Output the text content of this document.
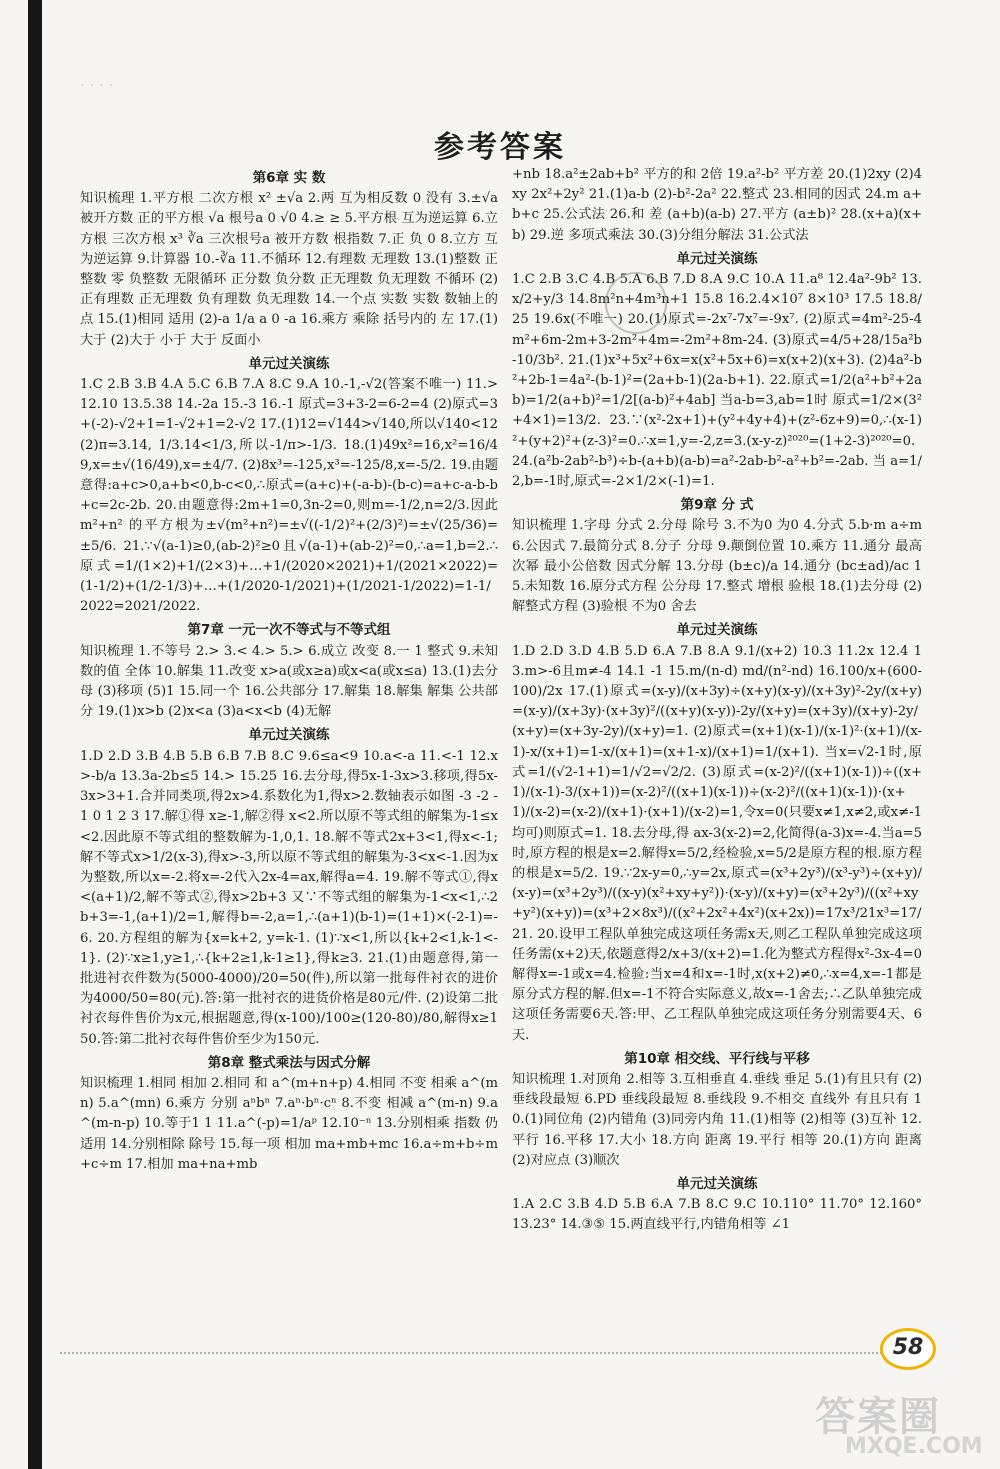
· · · ·
参考答案
第6章 实 数

知识梳理 1.平方根 二次方根 x² ±√a 2.两 互为相反数 0 没有 3.±√a 被开方数 正的平方根 √a 根号a 0 √0 4.≥ ≥ 5.平方根 互为逆运算 6.立方根 三次方根 x³ ∛a 三次根号a 被开方数 根指数 7.正 负 0 8.立方 互为逆运算 9.计算器 10.-∛a 11.不循环 12.有理数 无理数 13.(1)整数 正整数 零 负整数 无限循环 正分数 负分数 正无理数 负无理数 不循环 (2)正有理数 正无理数 负有理数 负无理数 14.一个点 实数 实数 数轴上的点 15.(1)相同 适用 (2)-a 1/a a 0 -a 16.乘方 乘除 括号内的 左 17.(1)大于 (2)大于 小于 大于 反面小

单元过关演练

1.C 2.B 3.B 4.A 5.C 6.B 7.A 8.C 9.A 10.-1,-√2(答案不唯一) 11.> 12.10 13.5.38 14.-2a 15.-3 16.-1 原式=3+3-2=6-2=4 (2)原式=3+(-2)-√2+1=1-√2+1=2-√2 17.(1)12=√144>√140,所以√140<12 (2)π=3.14, 1/3.14<1/3,所以-1/π>-1/3. 18.(1)49x²=16,x²=16/49,x=±√(16/49),x=±4/7. (2)8x³=-125,x³=-125/8,x=-5/2. 19.由题意得:a+c>0,a+b<0,b-c<0,∴原式=(a+c)+(-a-b)-(b-c)=a+c-a-b-b+c=2c-2b. 20.由题意得:2m+1=0,3n-2=0,则m=-1/2,n=2/3.因此 m²+n² 的平方根为±√(m²+n²)=±√((-1/2)²+(2/3)²)=±√(25/36)=±5/6. 21.∵√(a-1)≥0,(ab-2)²≥0且√(a-1)+(ab-2)²=0,∴a=1,b=2.∴原式=1/(1×2)+1/(2×3)+…+1/(2020×2021)+1/(2021×2022)=(1-1/2)+(1/2-1/3)+…+(1/2020-1/2021)+(1/2021-1/2022)=1-1/2022=2021/2022.

第7章 一元一次不等式与不等式组

知识梳理 1.不等号 2.> 3.< 4.> 5.> 6.成立 改变 8.一 1 整式 9.未知数的值 全体 10.解集 11.改变 x>a(或x≥a)或x<a(或x≤a) 13.(1)去分母 (3)移项 (5)1 15.同一个 16.公共部分 17.解集 18.解集 解集 公共部分 19.(1)x>b (2)x<a (3)a<x<b (4)无解

单元过关演练

1.D 2.D 3.B 4.B 5.B 6.B 7.B 8.C 9.6≤a<9 10.a<-a 11.<-1 12.x>-b/a 13.3a-2b≤5 14.> 15.25 16.去分母,得5x-1-3x>3.移项,得5x-3x>3+1.合并同类项,得2x>4.系数化为1,得x>2.数轴表示如图 -3 -2 -1 0 1 2 3 17.解①得 x≥-1,解②得 x<2.所以原不等式组的解集为-1≤x<2.因此原不等式组的整数解为-1,0,1. 18.解不等式2x+3<1,得x<-1;解不等式x>1/2(x-3),得x>-3,所以原不等式组的解集为-3<x<-1.因为x为整数,所以x=-2.将x=-2代入2x-4=ax,解得a=4. 19.解不等式①,得x<(a+1)/2,解不等式②,得x>2b+3 又∵不等式组的解集为-1<x<1,∴2b+3=-1,(a+1)/2=1,解得b=-2,a=1,∴(a+1)(b-1)=(1+1)×(-2-1)=-6. 20.方程组的解为{x=k+2, y=k-1. (1)∵x<1,所以{k+2<1,k-1<-1}. (2)∵x≥1,y≥1,∴{k+2≥1,k-1≥1},得k≥3. 21.(1)由题意得,第一批进衬衣件数为(5000-4000)/20=50(件),所以第一批每件衬衣的进价为4000/50=80(元).答:第一批衬衣的进货价格是80元/件. (2)设第二批衬衣每件售价为x元,根据题意,得(x-100)/100≥(120-80)/80,解得x≥150.答:第二批衬衣每件售价至少为150元.

第8章 整式乘法与因式分解

知识梳理 1.相同 相加 2.相同 和 a^(m+n+p) 4.相同 不变 相乘 a^(mn) 5.a^(mn) 6.乘方 分别 aⁿbⁿ 7.aⁿ·bⁿ·cⁿ 8.不变 相减 a^(m-n) 9.a^(m-n-p) 10.等于1 1 11.a^(-p)=1/aᵖ 12.10⁻ⁿ 13.分别相乘 指数 仍适用 14.分别相除 除号 15.每一项 相加 ma+mb+mc 16.a÷m+b÷m+c÷m 17.相加 ma+na+mb

+nb 18.a²±2ab+b² 平方的和 2倍 19.a²-b² 平方差 20.(1)2xy (2)4xy 2x²+2y² 21.(1)a-b (2)-b²-2a² 22.整式 23.相同的因式 24.m a+b+c 25.公式法 26.和 差 (a+b)(a-b) 27.平方 (a±b)² 28.(x+a)(x+b) 29.逆 多项式乘法 30.(3)分组分解法 31.公式法

单元过关演练

1.C 2.B 3.C 4.B 5.A 6.B 7.D 8.A 9.C 10.A 11.a⁸ 12.4a²-9b² 13.x/2+y/3 14.8m²n+4m³n+1 15.8 16.2.4×10⁷ 8×10³ 17.5 18.8/25 19.6x(不唯一) 20.(1)原式=-2x⁷-7x⁷=-9x⁷. (2)原式=4m²-25-4m²+6m-2m+3-2m²+4m=-2m²+8m-24. (3)原式=4/5+28/15a²b-10/3b². 21.(1)x³+5x²+6x=x(x²+5x+6)=x(x+2)(x+3). (2)4a²-b²+2b-1=4a²-(b-1)²=(2a+b-1)(2a-b+1). 22.原式=1/2(a²+b²+2ab)=1/2(a+b)²=1/2[(a-b)²+4ab] 当a-b=3,ab=1时 原式=1/2×(3²+4×1)=13/2. 23.∵(x²-2x+1)+(y²+4y+4)+(z²-6z+9)=0,∴(x-1)²+(y+2)²+(z-3)²=0.∴x=1,y=-2,z=3.(x-y-z)²⁰²⁰=(1+2-3)²⁰²⁰=0. 24.(a²b-2ab²-b³)÷b-(a+b)(a-b)=a²-2ab-b²-a²+b²=-2ab.当a=1/2,b=-1时,原式=-2×1/2×(-1)=1.

第9章 分 式

知识梳理 1.字母 分式 2.分母 除号 3.不为0 为0 4.分式 5.b·m a÷m 6.公因式 7.最简分式 8.分子 分母 9.颠倒位置 10.乘方 11.通分 最高次幂 最小公倍数 因式分解 13.分母 (b±c)/a 14.通分 (bc±ad)/ac 15.未知数 16.原分式方程 公分母 17.整式 增根 验根 18.(1)去分母 (2)解整式方程 (3)验根 不为0 舍去

单元过关演练

1.D 2.D 3.D 4.B 5.D 6.A 7.B 8.A 9.1/(x+2) 10.3 11.2x 12.4 13.m>-6且m≠-4 14.1 -1 15.m/(n-d) md/(n²-nd) 16.100/x+(600-100)/2x 17.(1)原式=(x-y)/(x+3y)÷(x+y)(x-y)/(x+3y)²-2y/(x+y)=(x-y)/(x+3y)·(x+3y)²/((x+y)(x-y))-2y/(x+y)=(x+3y)/(x+y)-2y/(x+y)=(x+3y-2y)/(x+y)=1. (2)原式=(x+1)(x-1)/(x-1)²·(x+1)/(x-1)-x/(x+1)=1-x/(x+1)=(x+1-x)/(x+1)=1/(x+1). 当x=√2-1时,原式=1/(√2-1+1)=1/√2=√2/2. (3)原式=(x-2)²/((x+1)(x-1))÷((x+1)/(x-1)-3/(x+1))=(x-2)²/((x+1)(x-1))÷(x-2)²/((x+1)(x-1))·(x+1)/(x-2)=(x-2)/(x+1)·(x+1)/(x-2)=1,令x=0(只要x≠1,x≠2,或x≠-1均可)则原式=1. 18.去分母,得 ax-3(x-2)=2,化简得(a-3)x=-4.当a=5时,原方程的根是x=2.解得x=5/2,经检验,x=5/2是原方程的根.原方程的根是x=5/2. 19.∵2x-y=0,∴y=2x,原式=(x³+2y³)/(x³-y³)÷(x+y)/(x-y)=(x³+2y³)/((x-y)(x²+xy+y²))·(x-y)/(x+y)=(x³+2y³)/((x²+xy+y²)(x+y))=(x³+2×8x³)/((x²+2x²+4x²)(x+2x))=17x³/21x³=17/21. 20.设甲工程队单独完成这项任务需x天,则乙工程队单独完成这项任务需(x+2)天,依题意得2/x+3/(x+2)=1.化为整式方程得x²-3x-4=0 解得x=-1或x=4.检验:当x=4和x=-1时,x(x+2)≠0,∴x=4,x=-1都是原分式方程的解.但x=-1不符合实际意义,故x=-1舍去;∴乙队单独完成这项任务需要6天.答:甲、乙工程队单独完成这项任务分别需要4天、6天.

第10章 相交线、平行线与平移

知识梳理 1.对顶角 2.相等 3.互相垂直 4.垂线 垂足 5.(1)有且只有 (2)垂线段最短 6.PD 垂线段最短 8.垂线段 9.不相交 直线外 有且只有 10.(1)同位角 (2)内错角 (3)同旁内角 11.(1)相等 (2)相等 (3)互补 12.平行 16.平移 17.大小 18.方向 距离 19.平行 相等 20.(1)方向 距离 (2)对应点 (3)顺次

单元过关演练

1.A 2.C 3.B 4.D 5.B 6.A 7.B 8.C 9.C 10.110° 11.70° 12.160° 13.23° 14.③⑤ 15.两直线平行,内错角相等 ∠1

58
答案圈
MXQE.COM
